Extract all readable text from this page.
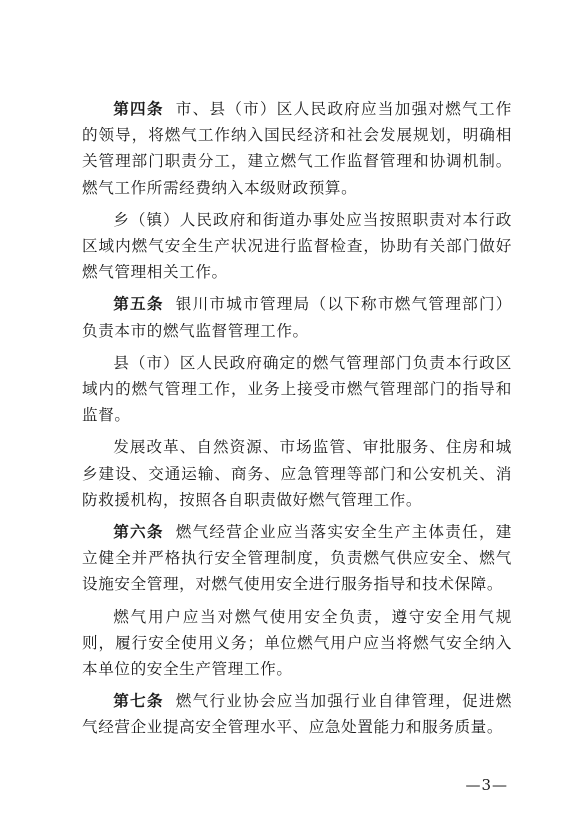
第四条 市、县（市）区人民政府应当加强对燃气工作的领导，将燃气工作纳入国民经济和社会发展规划，明确相关管理部门职责分工，建立燃气工作监督管理和协调机制。燃气工作所需经费纳入本级财政预算。

乡（镇）人民政府和街道办事处应当按照职责对本行政区域内燃气安全生产状况进行监督检查，协助有关部门做好燃气管理相关工作。

第五条 银川市城市管理局（以下称市燃气管理部门）负责本市的燃气监督管理工作。

县（市）区人民政府确定的燃气管理部门负责本行政区域内的燃气管理工作，业务上接受市燃气管理部门的指导和监督。

发展改革、自然资源、市场监管、审批服务、住房和城乡建设、交通运输、商务、应急管理等部门和公安机关、消防救援机构，按照各自职责做好燃气管理工作。

第六条 燃气经营企业应当落实安全生产主体责任，建立健全并严格执行安全管理制度，负责燃气供应安全、燃气设施安全管理，对燃气使用安全进行服务指导和技术保障。

燃气用户应当对燃气使用安全负责，遵守安全用气规则，履行安全使用义务；单位燃气用户应当将燃气安全纳入本单位的安全生产管理工作。

第七条 燃气行业协会应当加强行业自律管理，促进燃气经营企业提高安全管理水平、应急处置能力和服务质量。

—3—
